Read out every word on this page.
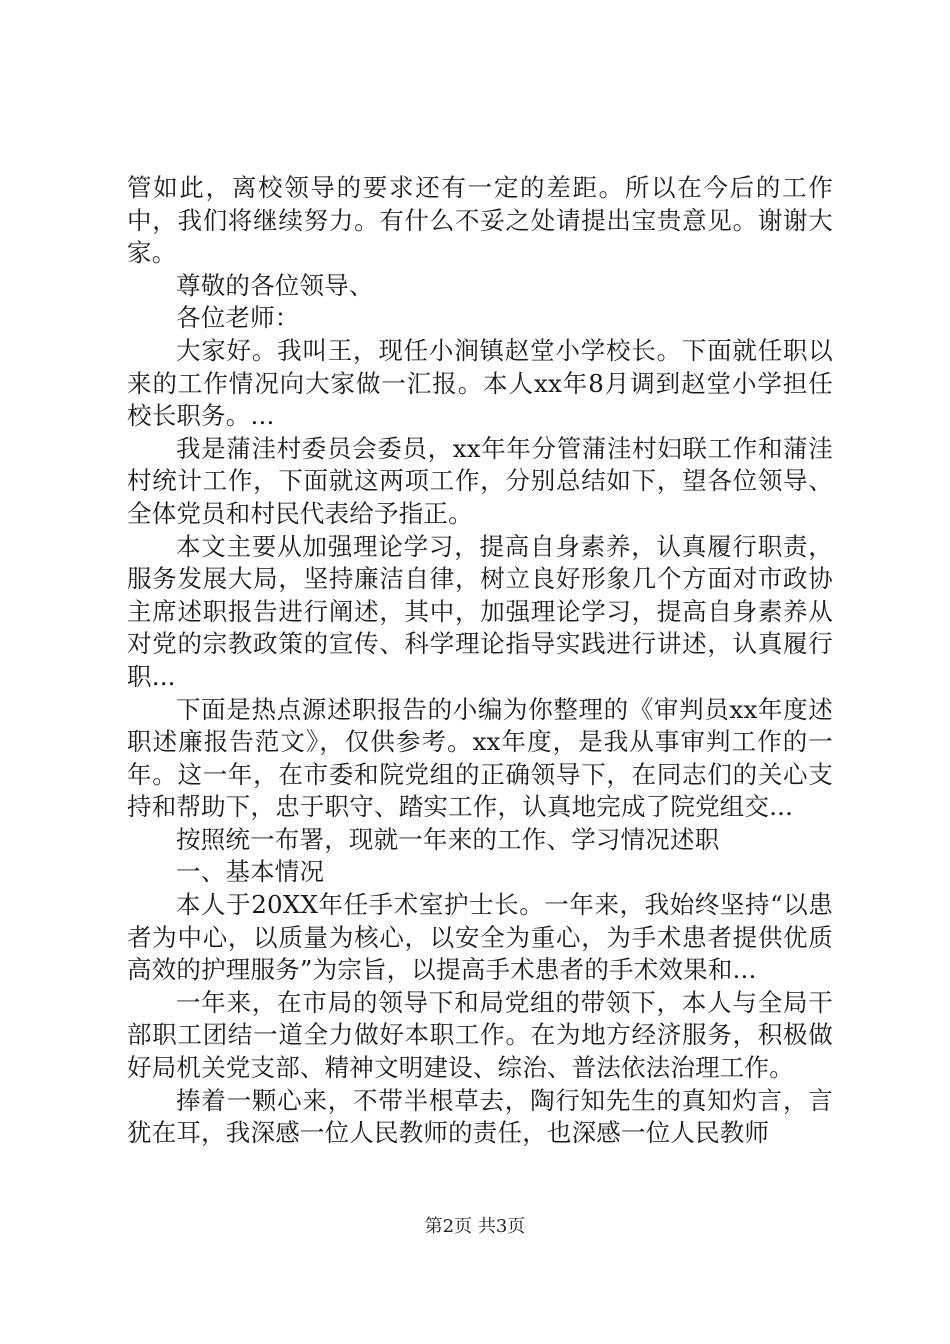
管如此，离校领导的要求还有一定的差距。所以在今后的工作中，我们将继续努力。有什么不妥之处请提出宝贵意见。谢谢大家。

尊敬的各位领导、

各位老师：

大家好。我叫王，现任小涧镇赵堂小学校长。下面就任职以来的工作情况向大家做一汇报。本人xx年8月调到赵堂小学担任校长职务。...

我是蒲洼村委员会委员，xx年年分管蒲洼村妇联工作和蒲洼村统计工作，下面就这两项工作，分别总结如下，望各位领导、全体党员和村民代表给予指正。

本文主要从加强理论学习，提高自身素养，认真履行职责，服务发展大局，坚持廉洁自律，树立良好形象几个方面对市政协主席述职报告进行阐述，其中，加强理论学习，提高自身素养从对党的宗教政策的宣传、科学理论指导实践进行讲述，认真履行职...

下面是热点源述职报告的小编为你整理的《审判员xx年度述职述廉报告范文》，仅供参考。xx年度，是我从事审判工作的一年。这一年，在市委和院党组的正确领导下，在同志们的关心支持和帮助下，忠于职守、踏实工作，认真地完成了院党组交...

按照统一布署，现就一年来的工作、学习情况述职

一、基本情况

本人于20XX年任手术室护士长。一年来，我始终坚持“以患者为中心，以质量为核心，以安全为重心，为手术患者提供优质高效的护理服务”为宗旨，以提高手术患者的手术效果和...

一年来，在市局的领导下和局党组的带领下，本人与全局干部职工团结一道全力做好本职工作。在为地方经济服务，积极做好局机关党支部、精神文明建设、综治、普法依法治理工作。

捧着一颗心来，不带半根草去，陶行知先生的真知灼言，言犹在耳，我深感一位人民教师的责任，也深感一位人民教师

第2页 共3页
